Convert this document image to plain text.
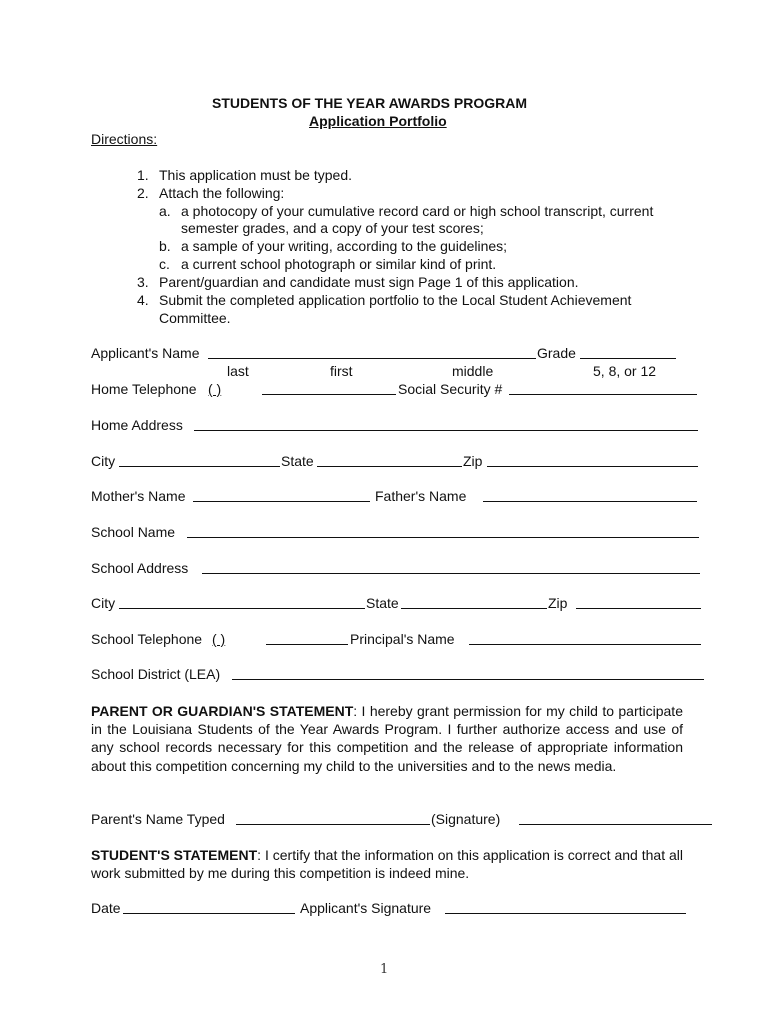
STUDENTS OF THE YEAR AWARDS PROGRAM
Application Portfolio
Directions:
1. This application must be typed.
2. Attach the following:
a. a photocopy of your cumulative record card or high school transcript, current
semester grades, and a copy of your test scores;
b. a sample of your writing, according to the guidelines;
c. a current school photograph or similar kind of print.
3. Parent/guardian and candidate must sign Page 1 of this application.
4. Submit the completed application portfolio to the Local Student Achievement
Committee.
Applicant's Name	Grade
last	first	middle	5, 8, or 12
Home Telephone ( )	Social Security #
Home Address
City	State	Zip
Mother's Name	Father's Name
School Name
School Address
City	State	Zip
School Telephone ( )	Principal's Name
School District (LEA)
PARENT OR GUARDIAN'S STATEMENT: I hereby grant permission for my child to participate in the Louisiana Students of the Year Awards Program. I further authorize access and use of any school records necessary for this competition and the release of appropriate information about this competition concerning my child to the universities and to the news media.
Parent's Name Typed	(Signature)
STUDENT'S STATEMENT: I certify that the information on this application is correct and that all work submitted by me during this competition is indeed mine.
Date	Applicant's Signature
1
